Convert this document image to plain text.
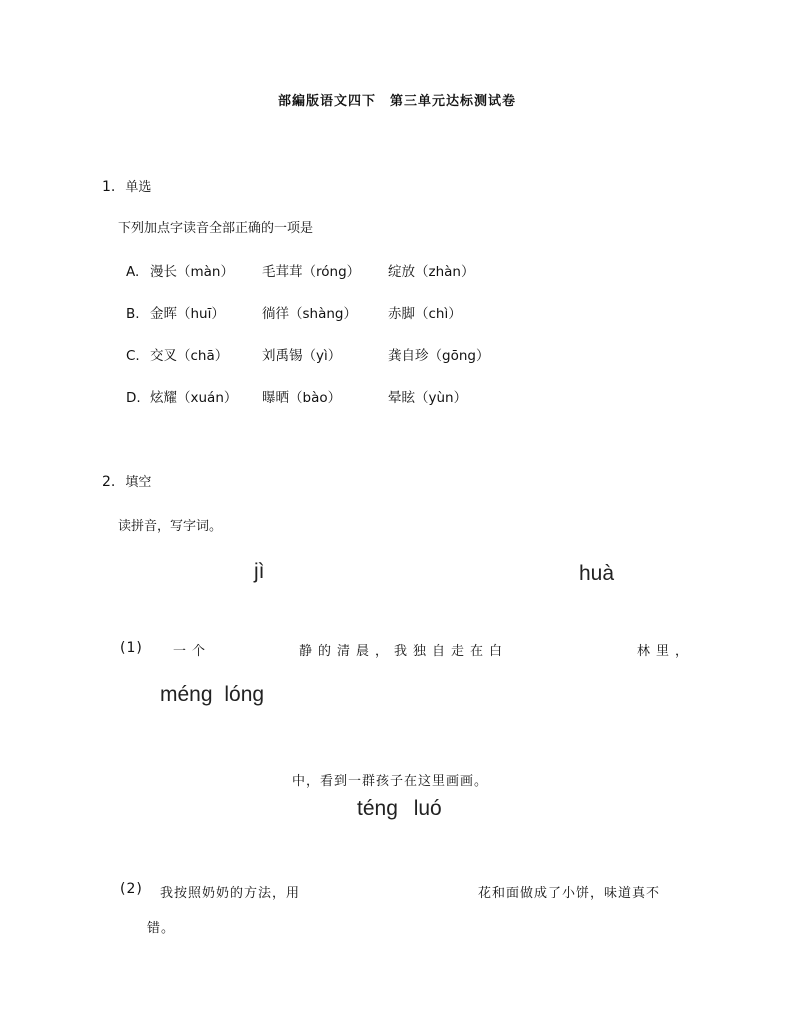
部編版语文四下　第三单元达标测试卷
1. 单选
下列加点字读音全部正确的一项是
A. 漫长（màn） 毛茸茸（róng） 绽放（zhàn）
B. 金晖（huī）	徜徉（shàng） 赤脚（chì）
C. 交叉（chā） 刘禹锡（yì）	龚自珍（gōng）
D. 炫耀（xuán） 曝晒（bào）	晕眩（yùn）
2. 填空
读拼音，写字词。
jì	huà
(1) 一个	静的清晨，我独自走在白	林里，
méng lóng
中，看到一群孩子在这里画画。
téng luó
(2) 我按照奶奶的方法，用	花和面做成了小饼，味道真不
错。
